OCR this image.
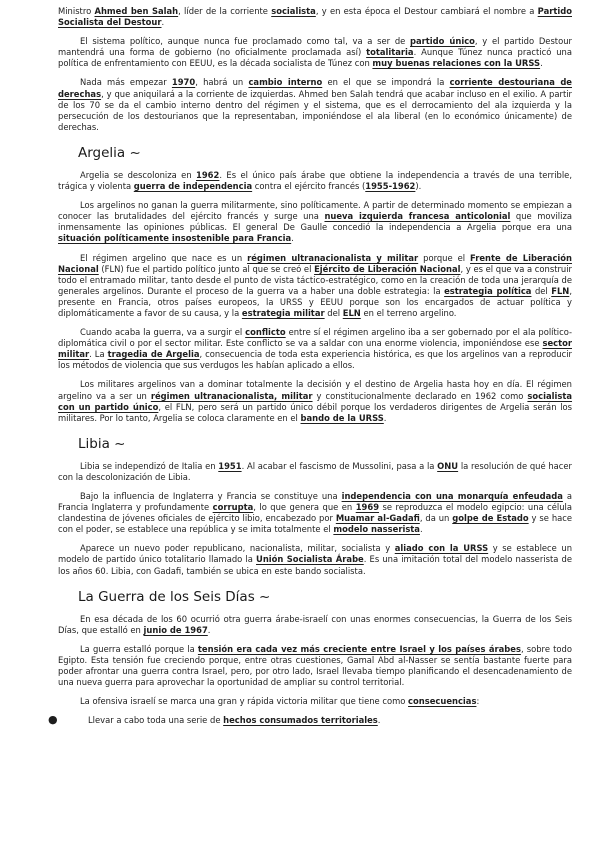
Ministro Ahmed ben Salah, líder de la corriente socialista, y en esta época el Destour cambiará el nombre a Partido Socialista del Destour.

El sistema político, aunque nunca fue proclamado como tal, va a ser de partido único, y el partido Destour mantendrá una forma de gobierno (no oficialmente proclamada así) totalitaria. Aunque Túnez nunca practicó una política de enfrentamiento con EEUU, es la década socialista de Túnez con muy buenas relaciones con la URSS.

Nada más empezar 1970, habrá un cambio interno en el que se impondrá la corriente destouriana de derechas, y que aniquilará a la corriente de izquierdas. Ahmed ben Salah tendrá que acabar incluso en el exilio. A partir de los 70 se da el cambio interno dentro del régimen y el sistema, que es el derrocamiento del ala izquierda y la persecución de los destourianos que la representaban, imponiéndose el ala liberal (en lo económico únicamente) de derechas.

Argelia ~

Argelia se descoloniza en 1962. Es el único país árabe que obtiene la independencia a través de una terrible, trágica y violenta guerra de independencia contra el ejército francés (1955-1962).

Los argelinos no ganan la guerra militarmente, sino políticamente. A partir de determinado momento se empiezan a conocer las brutalidades del ejército francés y surge una nueva izquierda francesa anticolonial que moviliza inmensamente las opiniones públicas. El general De Gaulle concedió la independencia a Argelia porque era una situación políticamente insostenible para Francia.

El régimen argelino que nace es un régimen ultranacionalista y militar porque el Frente de Liberación Nacional (FLN) fue el partido político junto al que se creó el Ejército de Liberación Nacional, y es el que va a construir todo el entramado militar, tanto desde el punto de vista táctico-estratégico, como en la creación de toda una jerarquía de generales argelinos. Durante el proceso de la guerra va a haber una doble estrategia: la estrategia política del FLN, presente en Francia, otros países europeos, la URSS y EEUU porque son los encargados de actuar política y diplomáticamente a favor de su causa, y la estrategia militar del ELN en el terreno argelino.

Cuando acaba la guerra, va a surgir el conflicto entre sí el régimen argelino iba a ser gobernado por el ala político-diplomática civil o por el sector militar. Este conflicto se va a saldar con una enorme violencia, imponiéndose ese sector militar. La tragedia de Argelia, consecuencia de toda esta experiencia histórica, es que los argelinos van a reproducir los métodos de violencia que sus verdugos les habían aplicado a ellos.

Los militares argelinos van a dominar totalmente la decisión y el destino de Argelia hasta hoy en día. El régimen argelino va a ser un régimen ultranacionalista, militar y constitucionalmente declarado en 1962 como socialista con un partido único, el FLN, pero será un partido único débil porque los verdaderos dirigentes de Argelia serán los militares. Por lo tanto, Argelia se coloca claramente en el bando de la URSS.

Libia ~

Libia se independizó de Italia en 1951. Al acabar el fascismo de Mussolini, pasa a la ONU la resolución de qué hacer con la descolonización de Libia.

Bajo la influencia de Inglaterra y Francia se constituye una independencia con una monarquía enfeudada a Francia Inglaterra y profundamente corrupta, lo que genera que en 1969 se reproduzca el modelo egipcio: una célula clandestina de jóvenes oficiales de ejército libio, encabezado por Muamar al-Gadafi, da un golpe de Estado y se hace con el poder, se establece una república y se imita totalmente el modelo nasserista.

Aparece un nuevo poder republicano, nacionalista, militar, socialista y aliado con la URSS y se establece un modelo de partido único totalitario llamado la Unión Socialista Árabe. Es una imitación total del modelo nasserista de los años 60. Libia, con Gadafi, también se ubica en este bando socialista.

La Guerra de los Seis Días ~

En esa década de los 60 ocurrió otra guerra árabe-israelí con unas enormes consecuencias, la Guerra de los Seis Días, que estalló en junio de 1967.

La guerra estalló porque la tensión era cada vez más creciente entre Israel y los países árabes, sobre todo Egipto. Esta tensión fue creciendo porque, entre otras cuestiones, Gamal Abd al-Nasser se sentía bastante fuerte para poder afrontar una guerra contra Israel, pero, por otro lado, Israel llevaba tiempo planificando el desencadenamiento de una nueva guerra para aprovechar la oportunidad de ampliar su control territorial.

La ofensiva israelí se marca una gran y rápida victoria militar que tiene como consecuencias:

●	Llevar a cabo toda una serie de hechos consumados territoriales.
